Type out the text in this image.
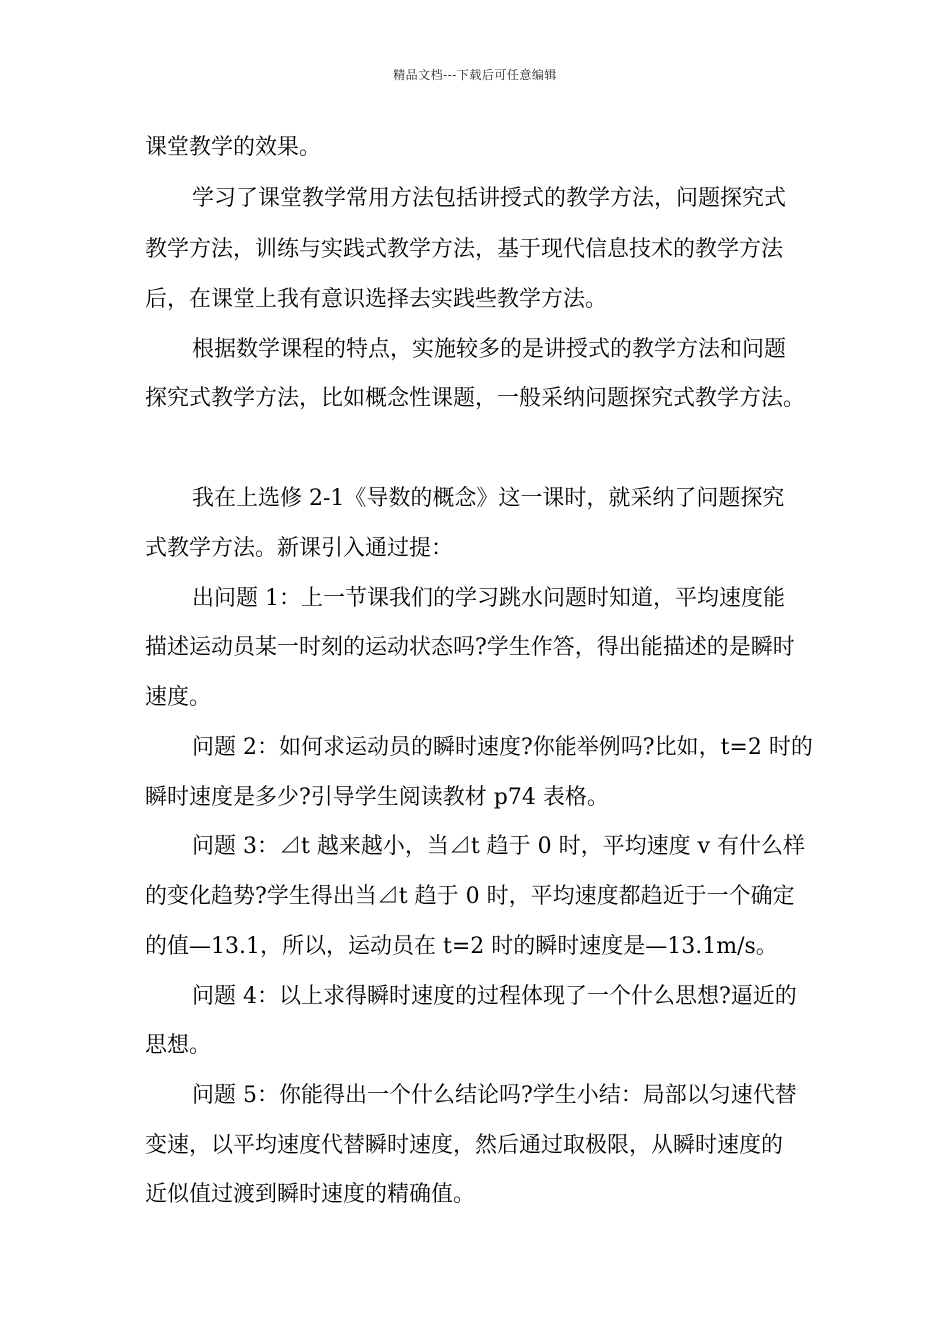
精品文档---下载后可任意编辑
课堂教学的效果。
学习了课堂教学常用方法包括讲授式的教学方法，问题探究式
教学方法，训练与实践式教学方法，基于现代信息技术的教学方法
后，在课堂上我有意识选择去实践些教学方法。
根据数学课程的特点，实施较多的是讲授式的教学方法和问题
探究式教学方法，比如概念性课题，一般采纳问题探究式教学方法。
我在上选修 2-1《导数的概念》这一课时，就采纳了问题探究
式教学方法。新课引入通过提：
出问题 1：上一节课我们的学习跳水问题时知道，平均速度能
描述运动员某一时刻的运动状态吗?学生作答，得出能描述的是瞬时
速度。
问题 2：如何求运动员的瞬时速度?你能举例吗?比如，t=2 时的
瞬时速度是多少?引导学生阅读教材 p74 表格。
问题 3：⊿t 越来越小，当⊿t 趋于 0 时，平均速度 v 有什么样
的变化趋势?学生得出当⊿t 趋于 0 时，平均速度都趋近于一个确定
的值—13.1，所以，运动员在 t=2 时的瞬时速度是—13.1m/s。
问题 4：以上求得瞬时速度的过程体现了一个什么思想?逼近的
思想。
问题 5：你能得出一个什么结论吗?学生小结：局部以匀速代替
变速，以平均速度代替瞬时速度，然后通过取极限，从瞬时速度的
近似值过渡到瞬时速度的精确值。
